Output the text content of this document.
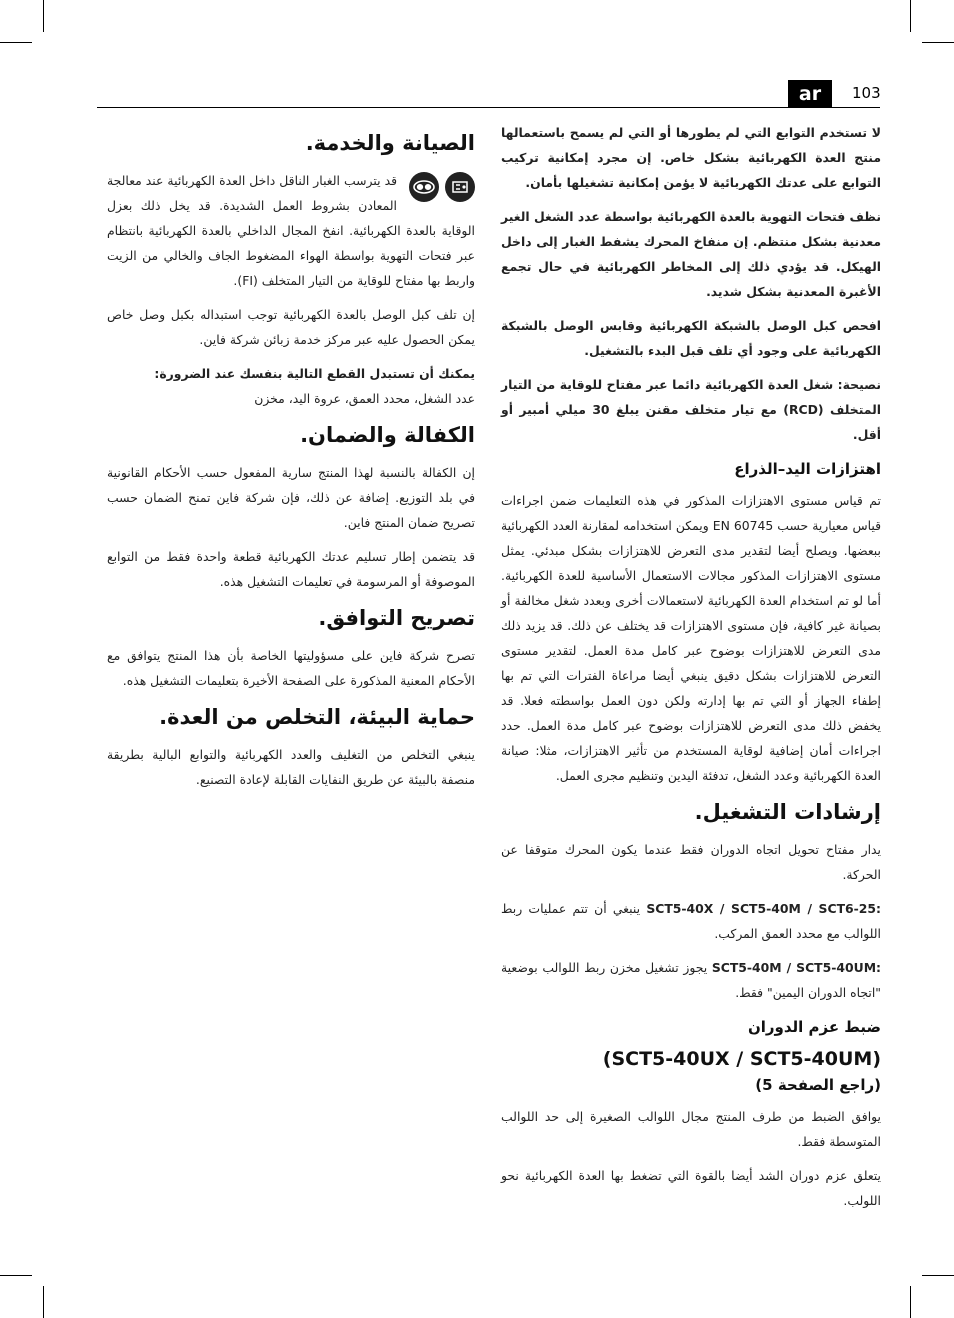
ar	103

لا تستخدم التوابع التي لم يطورها أو التي لم يسمح باستعمالها منتج العدة الكهربائية بشكل خاص. إن مجرد إمكانية تركيب التوابع على عدتك الكهربائية لا يؤمن إمكانية تشغيلها بأمان.

نظف فتحات التهوية بالعدة الكهربائية بواسطة عدد الشغل الغير معدنية بشكل منتظم. إن منفاخ المحرك يشفط الغبار إلى داخل الهيكل. قد يؤدي ذلك إلى المخاطر الكهربائية في حال تجمع الأغبرة المعدنية بشكل شديد.

افحص كبل الوصل بالشبكة الكهربائية وقابس الوصل بالشبكة الكهربائية على وجود أي تلف قبل البدء بالتشغيل.

نصيحة: شغل العدة الكهربائية دائما عبر مفتاح للوقاية من التيار المتخلف (RCD) مع تيار متخلف مقنن يبلغ 30 ميلي أمبير أو أقل.

اهتزازات اليد–الذراع

تم قياس مستوى الاهتزازات المذكور في هذه التعليمات ضمن اجراءات قياس معيارية حسب EN 60745 ويمكن استخدامه لمقارنة العدد الكهربائية ببعضها. ويصلح أيضا لتقدير مدى التعرض للاهتزازات بشكل مبدئي. يمثل مستوى الاهتزازات المذكور مجالات الاستعمال الأساسية للعدة الكهربائية. أما لو تم استخدام العدة الكهربائية لاستعمالات أخرى وبعدد شغل مخالفة أو بصيانة غير كافية، فإن مستوى الاهتزازات قد يختلف عن ذلك. قد يزيد ذلك مدى التعرض للاهتزازات بوضوح عبر كامل مدة العمل. لتقدير مستوى التعرض للاهتزازات بشكل دقيق ينبغي أيضا مراعاة الفترات التي تم بها إطفاء الجهاز أو التي تم بها إدارته ولكن دون العمل بواسطته فعلا. قد يخفض ذلك مدى التعرض للاهتزازات بوضوح عبر كامل مدة العمل. حدد اجراءات أمان إضافية لوقاية المستخدم من تأثير الاهتزازات، مثلا: صيانة العدة الكهربائية وعدد الشغل، تدفئة اليدين وتنظيم مجرى العمل.

إرشادات التشغيل.

يدار مفتاح تحويل اتجاه الدوران فقط عندما يكون المحرك متوقفا عن الحركة.

SCT5-40X / SCT5-40M / SCT6-25: ينبغي أن تتم عمليات ربط اللوالب مع محدد العمق المركب.

SCT5-40M / SCT5-40UM: يجوز تشغيل مخزن ربط اللوالب بوضعية "اتجاه الدوران اليمين" فقط.

ضبط عزم الدوران
(SCT5-40UX / SCT5-40UM)
(راجع الصفحة 5)

يوافق الضبط من طرف المنتج مجال اللوالب الصغيرة إلى حد اللوالب المتوسطة فقط.

يتعلق عزم دوران الشد أيضا بالقوة التي تضغط بها العدة الكهربائية نحو اللولب.

الصيانة والخدمة.

قد يترسب الغبار الناقل داخل العدة الكهربائية عند معالجة المعادن بشروط العمل الشديدة. قد يخل ذلك بعزل الوقاية بالعدة الكهربائية. انفخ المجال الداخلي بالعدة الكهربائية بانتظام عبر فتحات التهوية بواسطة الهواء المضغوط الجاف والخالي من الزيت واربط بها مفتاح للوقاية من التيار المتخلف (FI).

إن تلف كبل الوصل بالعدة الكهربائية توجب استبداله بكبل وصل خاص يمكن الحصول عليه عبر مركز خدمة زبائن شركة فاين.

يمكنك أن تستبدل القطع التالية بنفسك عند الضرورة:

عدد الشغل، محدد العمق، عروة اليد، مخزن

الكفالة والضمان.

إن الكفالة بالنسبة لهذا المنتج سارية المفعول حسب الأحكام القانونية في بلد التوزيع. إضافة عن ذلك، فإن شركة فاين تمنح الضمان حسب تصريح ضمان المنتج فاين.

قد يتضمن إطار تسليم عدتك الكهربائية قطعة واحدة فقط من التوابع الموصوفة أو المرسومة في تعليمات التشغيل هذه.

تصريح التوافق.

تصرح شركة فاين على مسؤوليتها الخاصة بأن هذا المنتج يتوافق مع الأحكام المعنية المذكورة على الصفحة الأخيرة بتعليمات التشغيل هذه.

حماية البيئة، التخلص من العدة.

ينبغي التخلص من التغليف والعدد الكهربائية والتوابع البالية بطريقة منصفة بالبيئة عن طريق النفايات القابلة لإعادة التصنيع.
